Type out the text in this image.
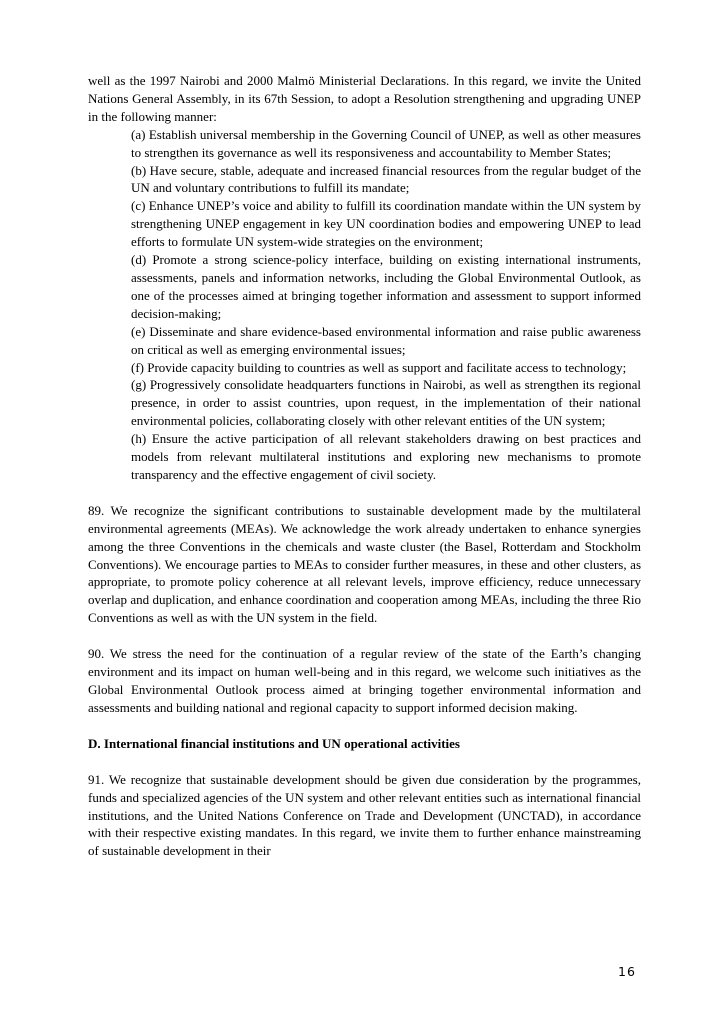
well as the 1997 Nairobi and 2000 Malmö Ministerial Declarations. In this regard, we invite the United Nations General Assembly, in its 67th Session, to adopt a Resolution strengthening and upgrading UNEP in the following manner:

(a) Establish universal membership in the Governing Council of UNEP, as well as other measures to strengthen its governance as well its responsiveness and accountability to Member States;
(b) Have secure, stable, adequate and increased financial resources from the regular budget of the UN and voluntary contributions to fulfill its mandate;
(c) Enhance UNEP’s voice and ability to fulfill its coordination mandate within the UN system by strengthening UNEP engagement in key UN coordination bodies and empowering UNEP to lead efforts to formulate UN system-wide strategies on the environment;
(d) Promote a strong science-policy interface, building on existing international instruments, assessments, panels and information networks, including the Global Environmental Outlook, as one of the processes aimed at bringing together information and assessment to support informed decision-making;
(e) Disseminate and share evidence-based environmental information and raise public awareness on critical as well as emerging environmental issues;
(f) Provide capacity building to countries as well as support and facilitate access to technology;
(g) Progressively consolidate headquarters functions in Nairobi, as well as strengthen its regional presence, in order to assist countries, upon request, in the implementation of their national environmental policies, collaborating closely with other relevant entities of the UN system;
(h) Ensure the active participation of all relevant stakeholders drawing on best practices and models from relevant multilateral institutions and exploring new mechanisms to promote transparency and the effective engagement of civil society.

89. We recognize the significant contributions to sustainable development made by the multilateral environmental agreements (MEAs). We acknowledge the work already undertaken to enhance synergies among the three Conventions in the chemicals and waste cluster (the Basel, Rotterdam and Stockholm Conventions). We encourage parties to MEAs to consider further measures, in these and other clusters, as appropriate, to promote policy coherence at all relevant levels, improve efficiency, reduce unnecessary overlap and duplication, and enhance coordination and cooperation among MEAs, including the three Rio Conventions as well as with the UN system in the field.

90. We stress the need for the continuation of a regular review of the state of the Earth’s changing environment and its impact on human well-being and in this regard, we welcome such initiatives as the Global Environmental Outlook process aimed at bringing together environmental information and assessments and building national and regional capacity to support informed decision making.

D. International financial institutions and UN operational activities

91. We recognize that sustainable development should be given due consideration by the programmes, funds and specialized agencies of the UN system and other relevant entities such as international financial institutions, and the United Nations Conference on Trade and Development (UNCTAD), in accordance with their respective existing mandates. In this regard, we invite them to further enhance mainstreaming of sustainable development in their

16
